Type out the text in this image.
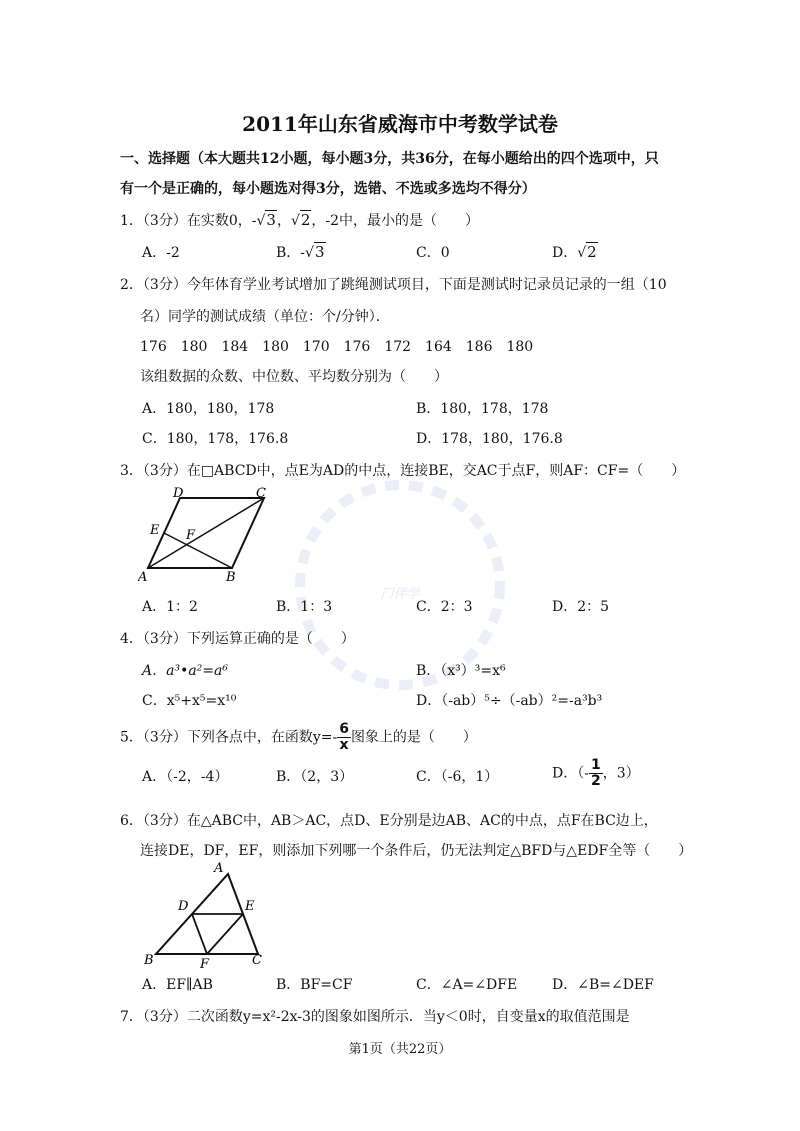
门伴学
2011年山东省威海市中考数学试卷
一、选择题（本大题共12小题，每小题3分，共36分，在每小题给出的四个选项中，只
有一个是正确的，每小题选对得3分，选错、不选或多选均不得分）
1．（3分）在实数0，-√3，√2，-2中，最小的是（　　）
A．-2	B．-√3	C．0	D．√2
2．（3分）今年体育学业考试增加了跳绳测试项目，下面是测试时记录员记录的一组（10
名）同学的测试成绩（单位：个/分钟）．
176　180　184　180　170　176　172　164　186　180
该组数据的众数、中位数、平均数分别为（　　）
A．180，180，178	B．180，178，178
C．180，178，176.8	D．178，180，176.8
3．（3分）在□ABCD中，点E为AD的中点，连接BE，交AC于点F，则AF：CF=（　　）
A	B
C
D
E F
A．1：2	B．1：3	C．2：3	D．2：5
4．（3分）下列运算正确的是（　　）
A．a³•a²=a⁶	B．（x³）³=x⁶
C．x⁵+x⁵=x¹⁰	D．（-ab）⁵÷（-ab）²=-a³b³
5．（3分）下列各点中，在函数$y=- \frac{6}{x}$ 图象上的是（　　）
A．（-2，-4）	B．（2，3）	C．（-6，1）	D．（- $\frac{1}{2}$ ，3）
6．（3分）在△ABC中，AB＞AC，点D、E分别是边AB、AC的中点，点F在BC边上，
连接DE，DF，EF，则添加下列哪一个条件后，仍无法判定△BFD与△EDF全等（　　）
A
B	C
D	E
F
A．EF∥AB	B．BF=CF	C．∠A=∠DFE D．∠B=∠DEF
7．（3分）二次函数y=x²-2x-3的图象如图所示．当y＜0时，自变量x的取值范围是
第1页（共22页）
